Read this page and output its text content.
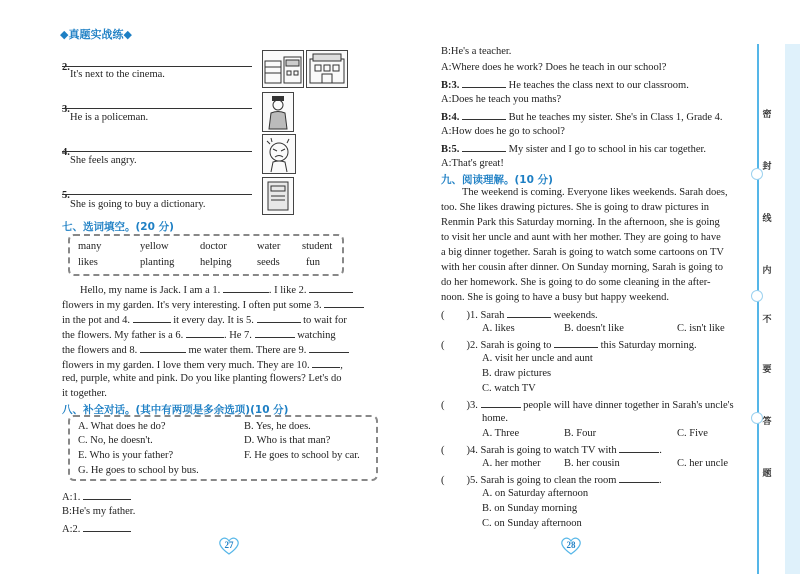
◆真题实战练◆
2.
It's next to the cinema.
3.
He is a policeman.
4.
She feels angry.
5.
She is going to buy a dictionary.
七、选词填空。(20 分)
many	yellow	doctor	water student
likes	planting helping seeds	fun
Hello, my name is Jack. I am a 1.	. I like 2.
flowers in my garden. It's very interesting. I often put some 3.
in the pot and 4.	it every day. It is 5.	to wait for
the flowers. My father is a 6.	. He 7.	watching
the flowers and 8.	me water them. There are 9.
flowers in my garden. I love them very much. They are 10.	,
red, purple, white and pink. Do you like planting flowers? Let's do
it together.
八、补全对话。(其中有两项是多余选项)(10 分)
A. What does he do?	B. Yes, he does.
C. No, he doesn't.	D. Who is that man?
E. Who is your father?	F. He goes to school by car.
G. He goes to school by bus.
A:1.
B:He's my father.
A:2.
27
B:He's a teacher.
A:Where does he work? Does he teach in our school?
B:3.	He teaches the class next to our classroom.
A:Does he teach you maths?
B:4.	But he teaches my sister. She's in Class 1, Grade 4.
A:How does he go to school?
B:5.	My sister and I go to school in his car together.
A:That's great!
九、阅读理解。(10 分)
The weekend is coming. Everyone likes weekends. Sarah does,
too. She likes drawing pictures. She is going to draw pictures in
Renmin Park this Saturday morning. In the afternoon, she is going
to visit her uncle and aunt with her mother. They are going to have
a big dinner together. Sarah is going to watch some cartoons on TV
with her cousin after dinner. On Sunday morning, Sarah is going to
do her homework. She is going to do some cleaning in the after-
noon. She is going to have a busy but happy weekend.
( )1. Sarah	weekends.
A. likes	B. doesn't like	C. isn't like
( )2. Sarah is going to	this Saturday morning.
A. visit her uncle and aunt
B. draw pictures
C. watch TV
( )3.	people will have dinner together in Sarah's uncle's
home.
A. Three	B. Four	C. Five
( )4. Sarah is going to watch TV with	.
A. her mother B. her cousin	C. her uncle
( )5. Sarah is going to clean the room	.
A. on Saturday afternoon
B. on Sunday morning
C. on Sunday afternoon
28
密
封
线
内
不
要
答
题
